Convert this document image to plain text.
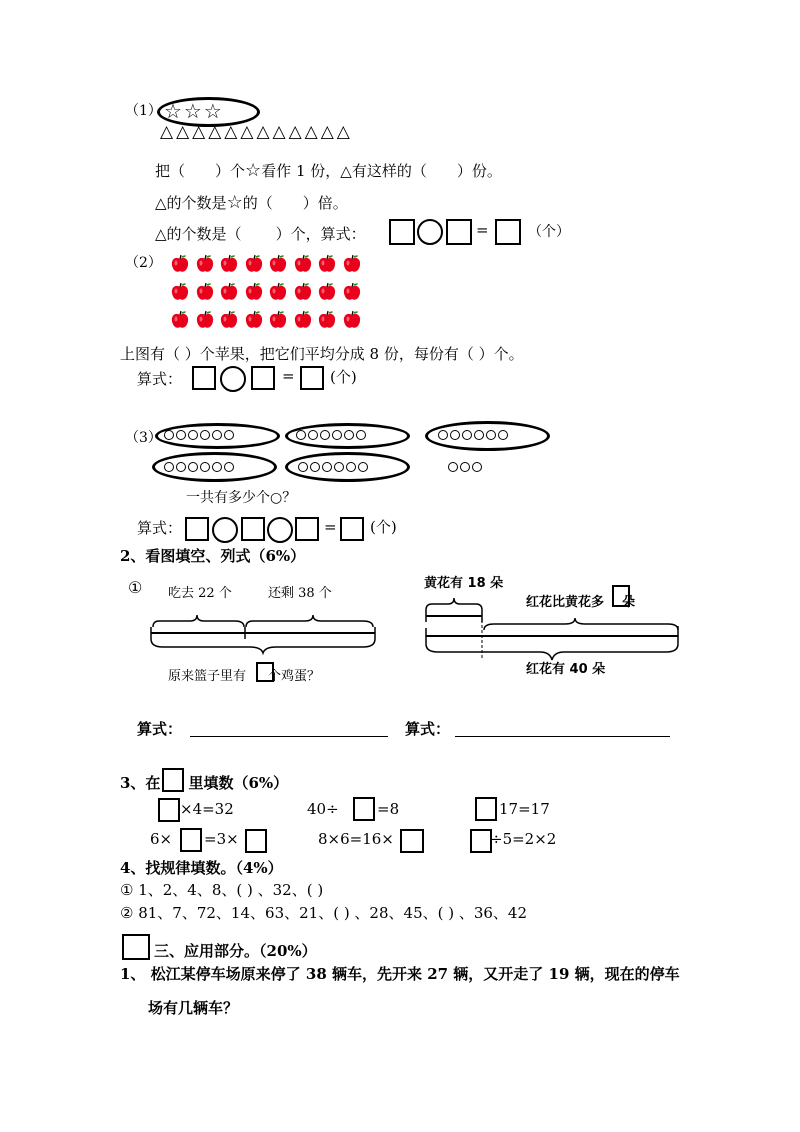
（1） ☆☆☆
△△△△△△△△△△△△
把（ ）个☆看作 1 份，△有这样的（ ）份。
△的个数是☆的（ ）倍。
△的个数是（ ）个，算式：	=	（个）
（2）
上图有（ ）个苹果，把它们平均分成 8 份，每份有（ ）个。
算式：	= (个)
（3）
一共有多少个○？
算式：	= (个)
2、看图填空、列式（6%）
① 吃去 22 个	还剩 38 个
原来篮子里有 个鸡蛋？
黄花有 18 朵
红花比黄花多 朵
红花有 40 朵
算式：	算式：
3、在 里填数（6%）
×4=32	40÷	=8	17=17
6× =3×	8×6=16×	÷5=2×2
4、找规律填数。（4%）
① 1、2、4、8、( ) 、32、( )
② 81、7、72、14、63、21、( ) 、28、45、( ) 、36、42
三、应用部分。（20%）
1、 松江某停车场原来停了 38 辆车，先开来 27 辆，又开走了 19 辆，现在的停车
场有几辆车？
